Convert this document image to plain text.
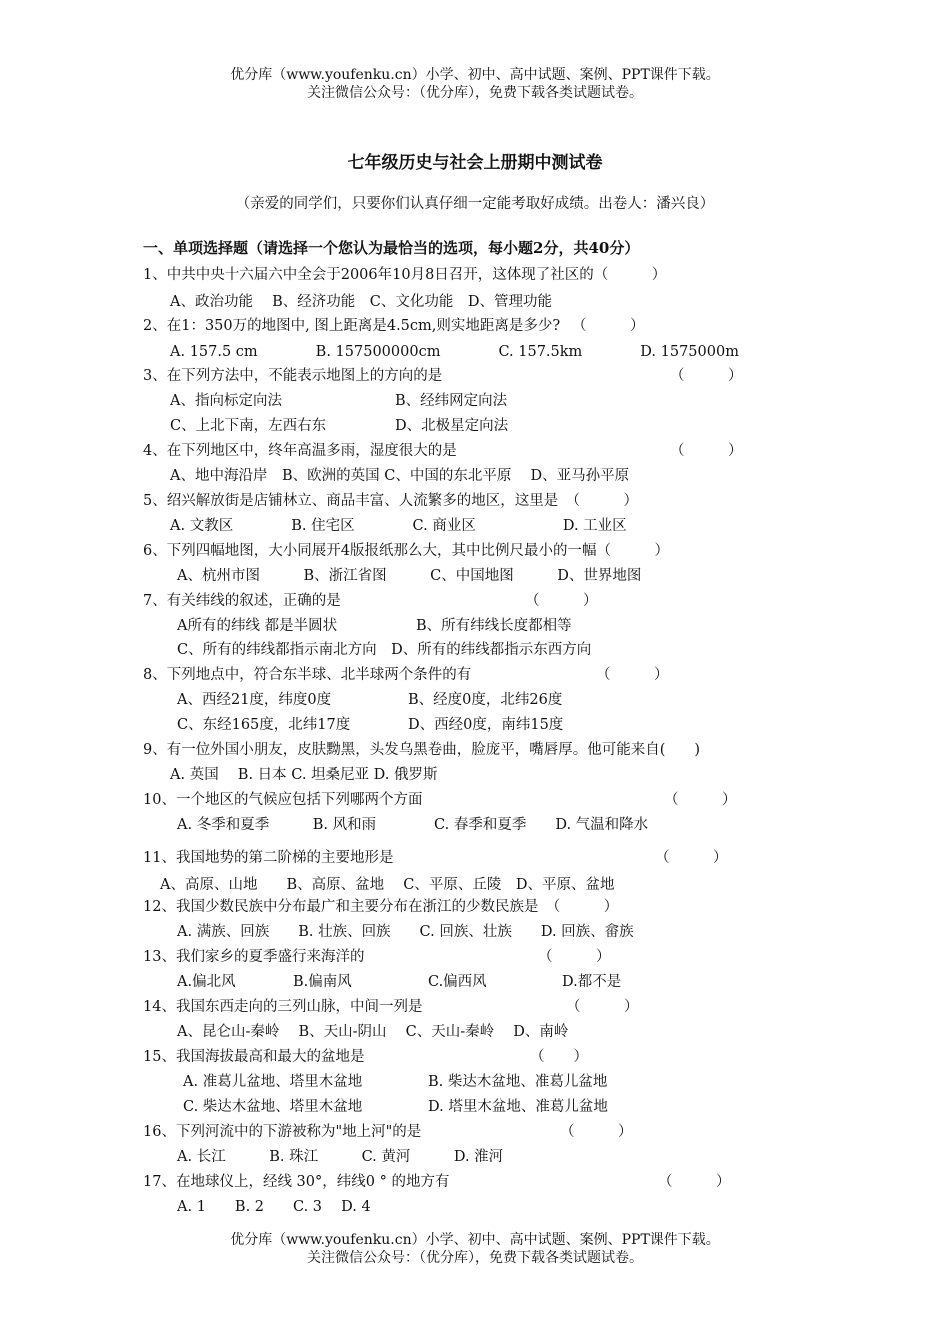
优分库（www.youfenku.cn）小学、初中、高中试题、案例、PPT课件下载。
关注微信公众号：（优分库），免费下载各类试题试卷。
七年级历史与社会上册期中测试卷
（亲爱的同学们，只要你们认真仔细一定能考取好成绩。出卷人：潘兴良）
一、单项选择题（请选择一个您认为最恰当的选项，每小题2分，共40分）
1、中共中央十六届六中全会于2006年10月8日召开，这体现了社区的（　　　）
A、政治功能　 B、经济功能　C、文化功能　D、管理功能
2、在1：350万的地图中, 图上距离是4.5cm,则实地距离是多少? 　（　　　）
A. 157.5 cm　　　　B. 157500000cm　　　　C. 157.5km　　　　D. 1575000m
3、在下列方法中，不能表示地图上的方向的是	（　　　）
A、指向标定向法	B、经纬网定向法
C、上北下南，左西右东	D、北极星定向法
4、在下列地区中，终年高温多雨，湿度很大的是	（　　　）
A、地中海沿岸　B、欧洲的英国 C、中国的东北平原　 D、亚马孙平原
5、绍兴解放街是店铺林立、商品丰富、人流繁多的地区，这里是　（　　　）
A. 文教区　　　　B. 住宅区　　　　C. 商业区　　　　　　D. 工业区
6、下列四幅地图，大小同展开4版报纸那么大，其中比例尺最小的一幅（　　　）
A、杭州市图　　　B、浙江省图　　　C、中国地图　　　D、世界地图
7、有关纬线的叙述，正确的是	（　　　）
A所有的纬线 都是半圆状	B、所有纬线长度都相等
C、所有的纬线都指示南北方向　D、所有的纬线都指示东西方向
8、下列地点中，符合东半球、北半球两个条件的有	（　　　）
A、西经21度，纬度0度	B、经度0度，北纬26度
C、东经165度，北纬17度	D、西经0度，南纬15度
9、有一位外国小朋友，皮肤黝黑，头发乌黑卷曲，脸庞平，嘴唇厚。他可能来自(　　)
A. 英国　 B. 日本 C. 坦桑尼亚 D. 俄罗斯
10、一个地区的气候应包括下列哪两个方面	（　　　）
A. 冬季和夏季　　　B. 风和雨　　　　C. 春季和夏季　　D. 气温和降水
11、我国地势的第二阶梯的主要地形是	（　　　）
A、高原、山地　　B、高原、盆地　 C、平原、丘陵　D、平原、盆地
12、我国少数民族中分布最广和主要分布在浙江的少数民族是　（　　　）
A. 满族、回族　　B. 壮族、回族　　C. 回族、壮族　　D. 回族、畲族
13、我们家乡的夏季盛行来海洋的	（　　　）
A.偏北风	B.偏南风	C.偏西风	D.都不是
14、我国东西走向的三列山脉，中间一列是	（　　　）
A、昆仑山-秦岭　 B、天山-阴山　 C、天山-秦岭　 D、南岭
15、我国海拔最高和最大的盆地是	（　　）
A. 准葛儿盆地、塔里木盆地	B. 柴达木盆地、准葛儿盆地
C. 柴达木盆地、塔里木盆地	D. 塔里木盆地、准葛儿盆地
16、下列河流中的下游被称为"地上河"的是	（　　　）
A. 长江　　　B. 珠江　　　C. 黄河　　　D. 淮河
17、在地球仪上，经线 30°，纬线0 ° 的地方有	（　　　）
A. 1　　B. 2　　C. 3　 D. 4
优分库（www.youfenku.cn）小学、初中、高中试题、案例、PPT课件下载。
关注微信公众号：（优分库），免费下载各类试题试卷。
